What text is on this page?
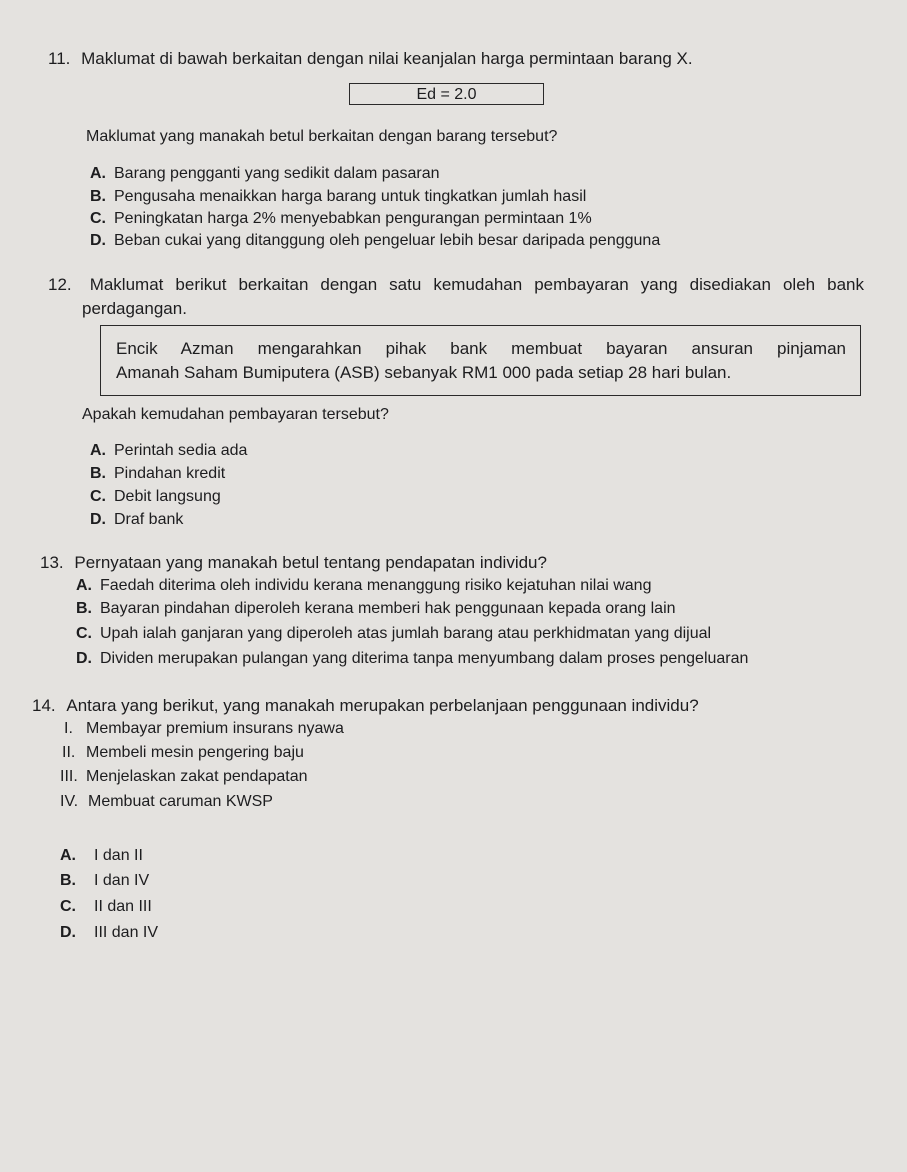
11. Maklumat di bawah berkaitan dengan nilai keanjalan harga permintaan barang X.
Ed = 2.0
Maklumat yang manakah betul berkaitan dengan barang tersebut?
A. Barang pengganti yang sedikit dalam pasaran
B. Pengusaha menaikkan harga barang untuk tingkatkan jumlah hasil
C. Peningkatan harga 2% menyebabkan pengurangan permintaan 1%
D. Beban cukai yang ditanggung oleh pengeluar lebih besar daripada pengguna
12. Maklumat berikut berkaitan dengan satu kemudahan pembayaran yang disediakan oleh bank
perdagangan.
Encik Azman mengarahkan pihak bank membuat bayaran ansuran pinjaman
Amanah Saham Bumiputera (ASB) sebanyak RM1 000 pada setiap 28 hari bulan.
Apakah kemudahan pembayaran tersebut?
A. Perintah sedia ada
B. Pindahan kredit
C. Debit langsung
D. Draf bank
13. Pernyataan yang manakah betul tentang pendapatan individu?
A. Faedah diterima oleh individu kerana menanggung risiko kejatuhan nilai wang
B. Bayaran pindahan diperoleh kerana memberi hak penggunaan kepada orang lain
C. Upah ialah ganjaran yang diperoleh atas jumlah barang atau perkhidmatan yang dijual
D. Dividen merupakan pulangan yang diterima tanpa menyumbang dalam proses pengeluaran
14. Antara yang berikut, yang manakah merupakan perbelanjaan penggunaan individu?
I. Membayar premium insurans nyawa
II. Membeli mesin pengering baju
III. Menjelaskan zakat pendapatan
IV. Membuat caruman KWSP
A. I dan II
B. I dan IV
C. II dan III
D. III dan IV
